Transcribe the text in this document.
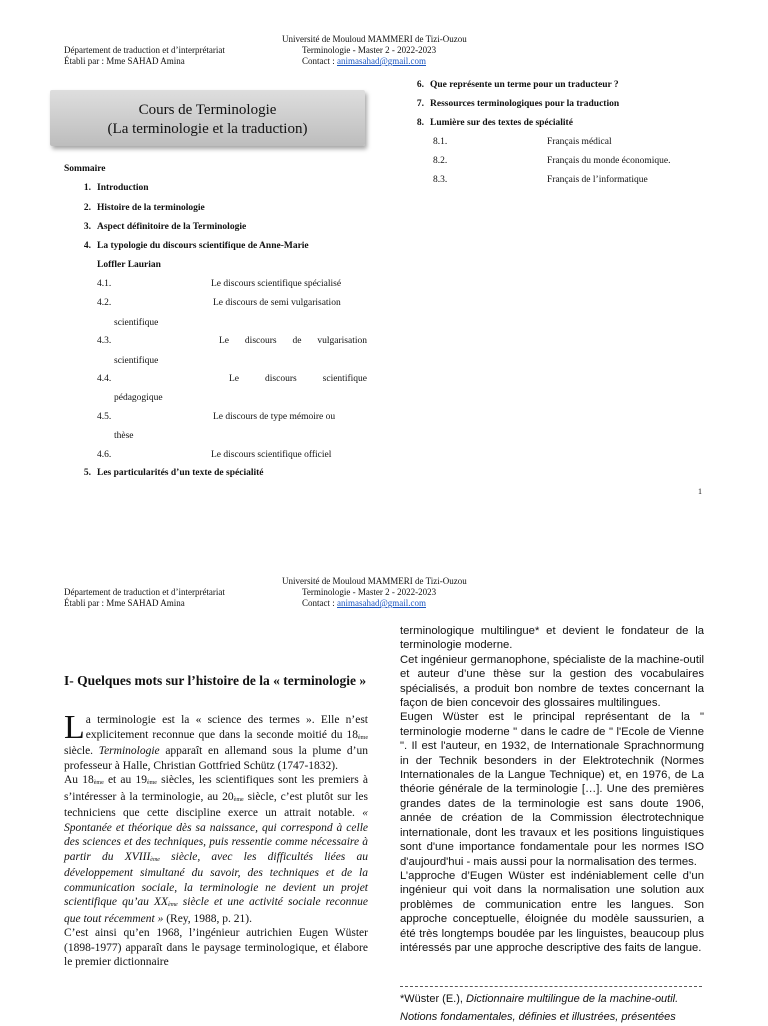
Université de Mouloud MAMMERI de Tizi-Ouzou
Département de traduction et d’interprétariat	Terminologie - Master 2 - 2022-2023
Établi par : Mme SAHAD Amina	Contact : animasahad@gmail.com
Cours de Terminologie
(La terminologie et la traduction)
Sommaire
1. Introduction
2. Histoire de la terminologie
3. Aspect définitoire de la Terminologie
4. La typologie du discours scientifique de Anne-Marie
Loffler Laurian
4.1.	Le discours scientifique spécialisé
4.2.	Le discours de semi vulgarisation
scientifique
4.3.	Le discours de vulgarisation
scientifique
4.4.	Le discours scientifique
pédagogique
4.5.	Le discours de type mémoire ou
thèse
4.6.	Le discours scientifique officiel
5. Les particularités d’un texte de spécialité
6. Que représente un terme pour un traducteur ?
7. Ressources terminologiques pour la traduction
8. Lumière sur des textes de spécialité
8.1.	Français médical
8.2.	Français du monde économique.
8.3.	Français de l’informatique
1
Université de Mouloud MAMMERI de Tizi-Ouzou
Département de traduction et d’interprétariat	Terminologie - Master 2 - 2022-2023
Établi par : Mme SAHAD Amina	Contact : animasahad@gmail.com
I- Quelques mots sur l’histoire de la « terminologie »
La terminologie est la « science des termes ». Elle n’est explicitement reconnue que dans la seconde moitié du 18ème siècle. Terminologie apparaît en allemand sous la plume d’un professeur à Halle, Christian Gottfried Schütz (1747-1832).
Au 18ème et au 19ème siècles, les scientifiques sont les premiers à s’intéresser à la terminologie, au 20ème siècle, c’est plutôt sur les techniciens que cette discipline exerce un attrait notable. « Spontanée et théorique dès sa naissance, qui correspond à celle des sciences et des techniques, puis ressentie comme nécessaire à partir du XVIIIème siècle, avec les difficultés liées au développement simultané du savoir, des techniques et de la communication sociale, la terminologie ne devient un projet scientifique qu’au XXème siècle et une activité sociale reconnue que tout récemment » (Rey, 1988, p. 21).
C’est ainsi qu’en 1968, l’ingénieur autrichien Eugen Wüster (1898-1977) apparaît dans le paysage terminologique, et élabore le premier dictionnaire
terminologique multilingue* et devient le fondateur de la terminologie moderne.
Cet ingénieur germanophone, spécialiste de la machine-outil et auteur d’une thèse sur la gestion des vocabulaires spécialisés, a produit bon nombre de textes concernant la façon de bien concevoir des glossaires multilingues.
Eugen Wüster est le principal représentant de la " terminologie moderne " dans le cadre de " l'Ecole de Vienne ". Il est l'auteur, en 1932, de Internationale Sprachnormung in der Technik besonders in der Elektrotechnik (Normes Internationales de la Langue Technique) et, en 1976, de La théorie générale de la terminologie […]. Une des premières grandes dates de la terminologie est sans doute 1906, année de création de la Commission électrotechnique internationale, dont les travaux et les positions linguistiques sont d'une importance fondamentale pour les normes ISO d'aujourd'hui - mais aussi pour la normalisation des termes.
L’approche d’Eugen Wüster est indéniablement celle d’un ingénieur qui voit dans la normalisation une solution aux problèmes de communication entre les langues. Son approche conceptuelle, éloignée du modèle saussurien, a été très longtemps boudée par les linguistes, beaucoup plus intéressés par une approche descriptive des faits de langue.
*Wüster (E.), Dictionnaire multilingue de la machine-outil. Notions fondamentales, définies et illustrées, présentées
